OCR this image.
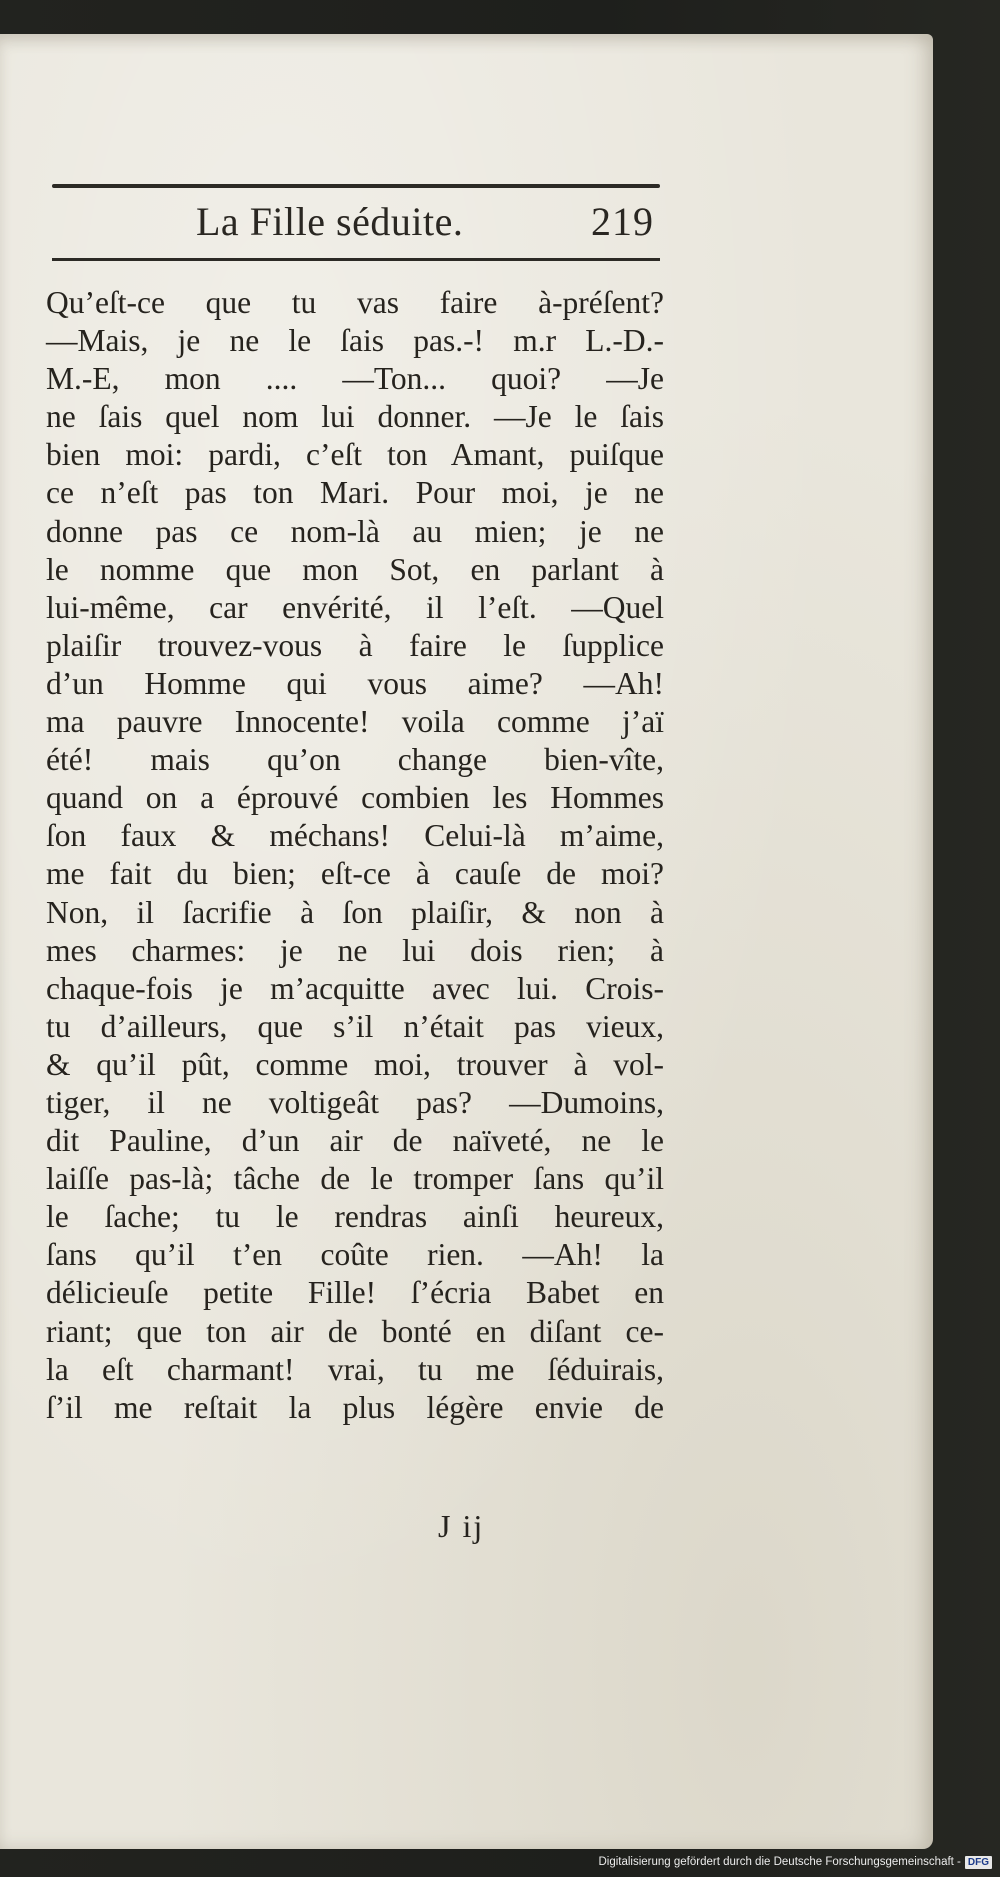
La Fille séduite.	219
Qu’eſt-ce que tu vas faire à-préſent?
—Mais, je ne le ſais pas.-! m.r L.-D.-
M.-E, mon .... —Ton... quoi? —Je
ne ſais quel nom lui donner. —Je le ſais
bien moi: pardi, c’eſt ton Amant, puiſque
ce n’eſt pas ton Mari. Pour moi, je ne
donne pas ce nom-là au mien; je ne
le nomme que mon Sot, en parlant à
lui-même, car envérité, il l’eſt. —Quel
plaiſir trouvez-vous à faire le ſupplice
d’un Homme qui vous aime? —Ah!
ma pauvre Innocente! voila comme j’aï
été! mais qu’on change bien-vîte,
quand on a éprouvé combien les Hommes
ſon faux & méchans! Celui-là m’aime,
me fait du bien; eſt-ce à cauſe de moi?
Non, il ſacrifie à ſon plaiſir, & non à
mes charmes: je ne lui dois rien; à
chaque-fois je m’acquitte avec lui. Crois-
tu d’ailleurs, que s’il n’était pas vieux,
& qu’il pût, comme moi, trouver à vol-
tiger, il ne voltigeât pas? —Dumoins,
dit Pauline, d’un air de naïveté, ne le
laiſſe pas-là; tâche de le tromper ſans qu’il
le ſache; tu le rendras ainſi heureux,
ſans qu’il t’en coûte rien. —Ah! la
délicieuſe petite Fille! ſ’écria Babet en
riant; que ton air de bonté en diſant ce-
la eſt charmant! vrai, tu me ſéduirais,
ſ’il me reſtait la plus légère envie de
J ij
Digitalisierung gefördert durch die Deutsche Forschungsgemeinschaft - DFG
